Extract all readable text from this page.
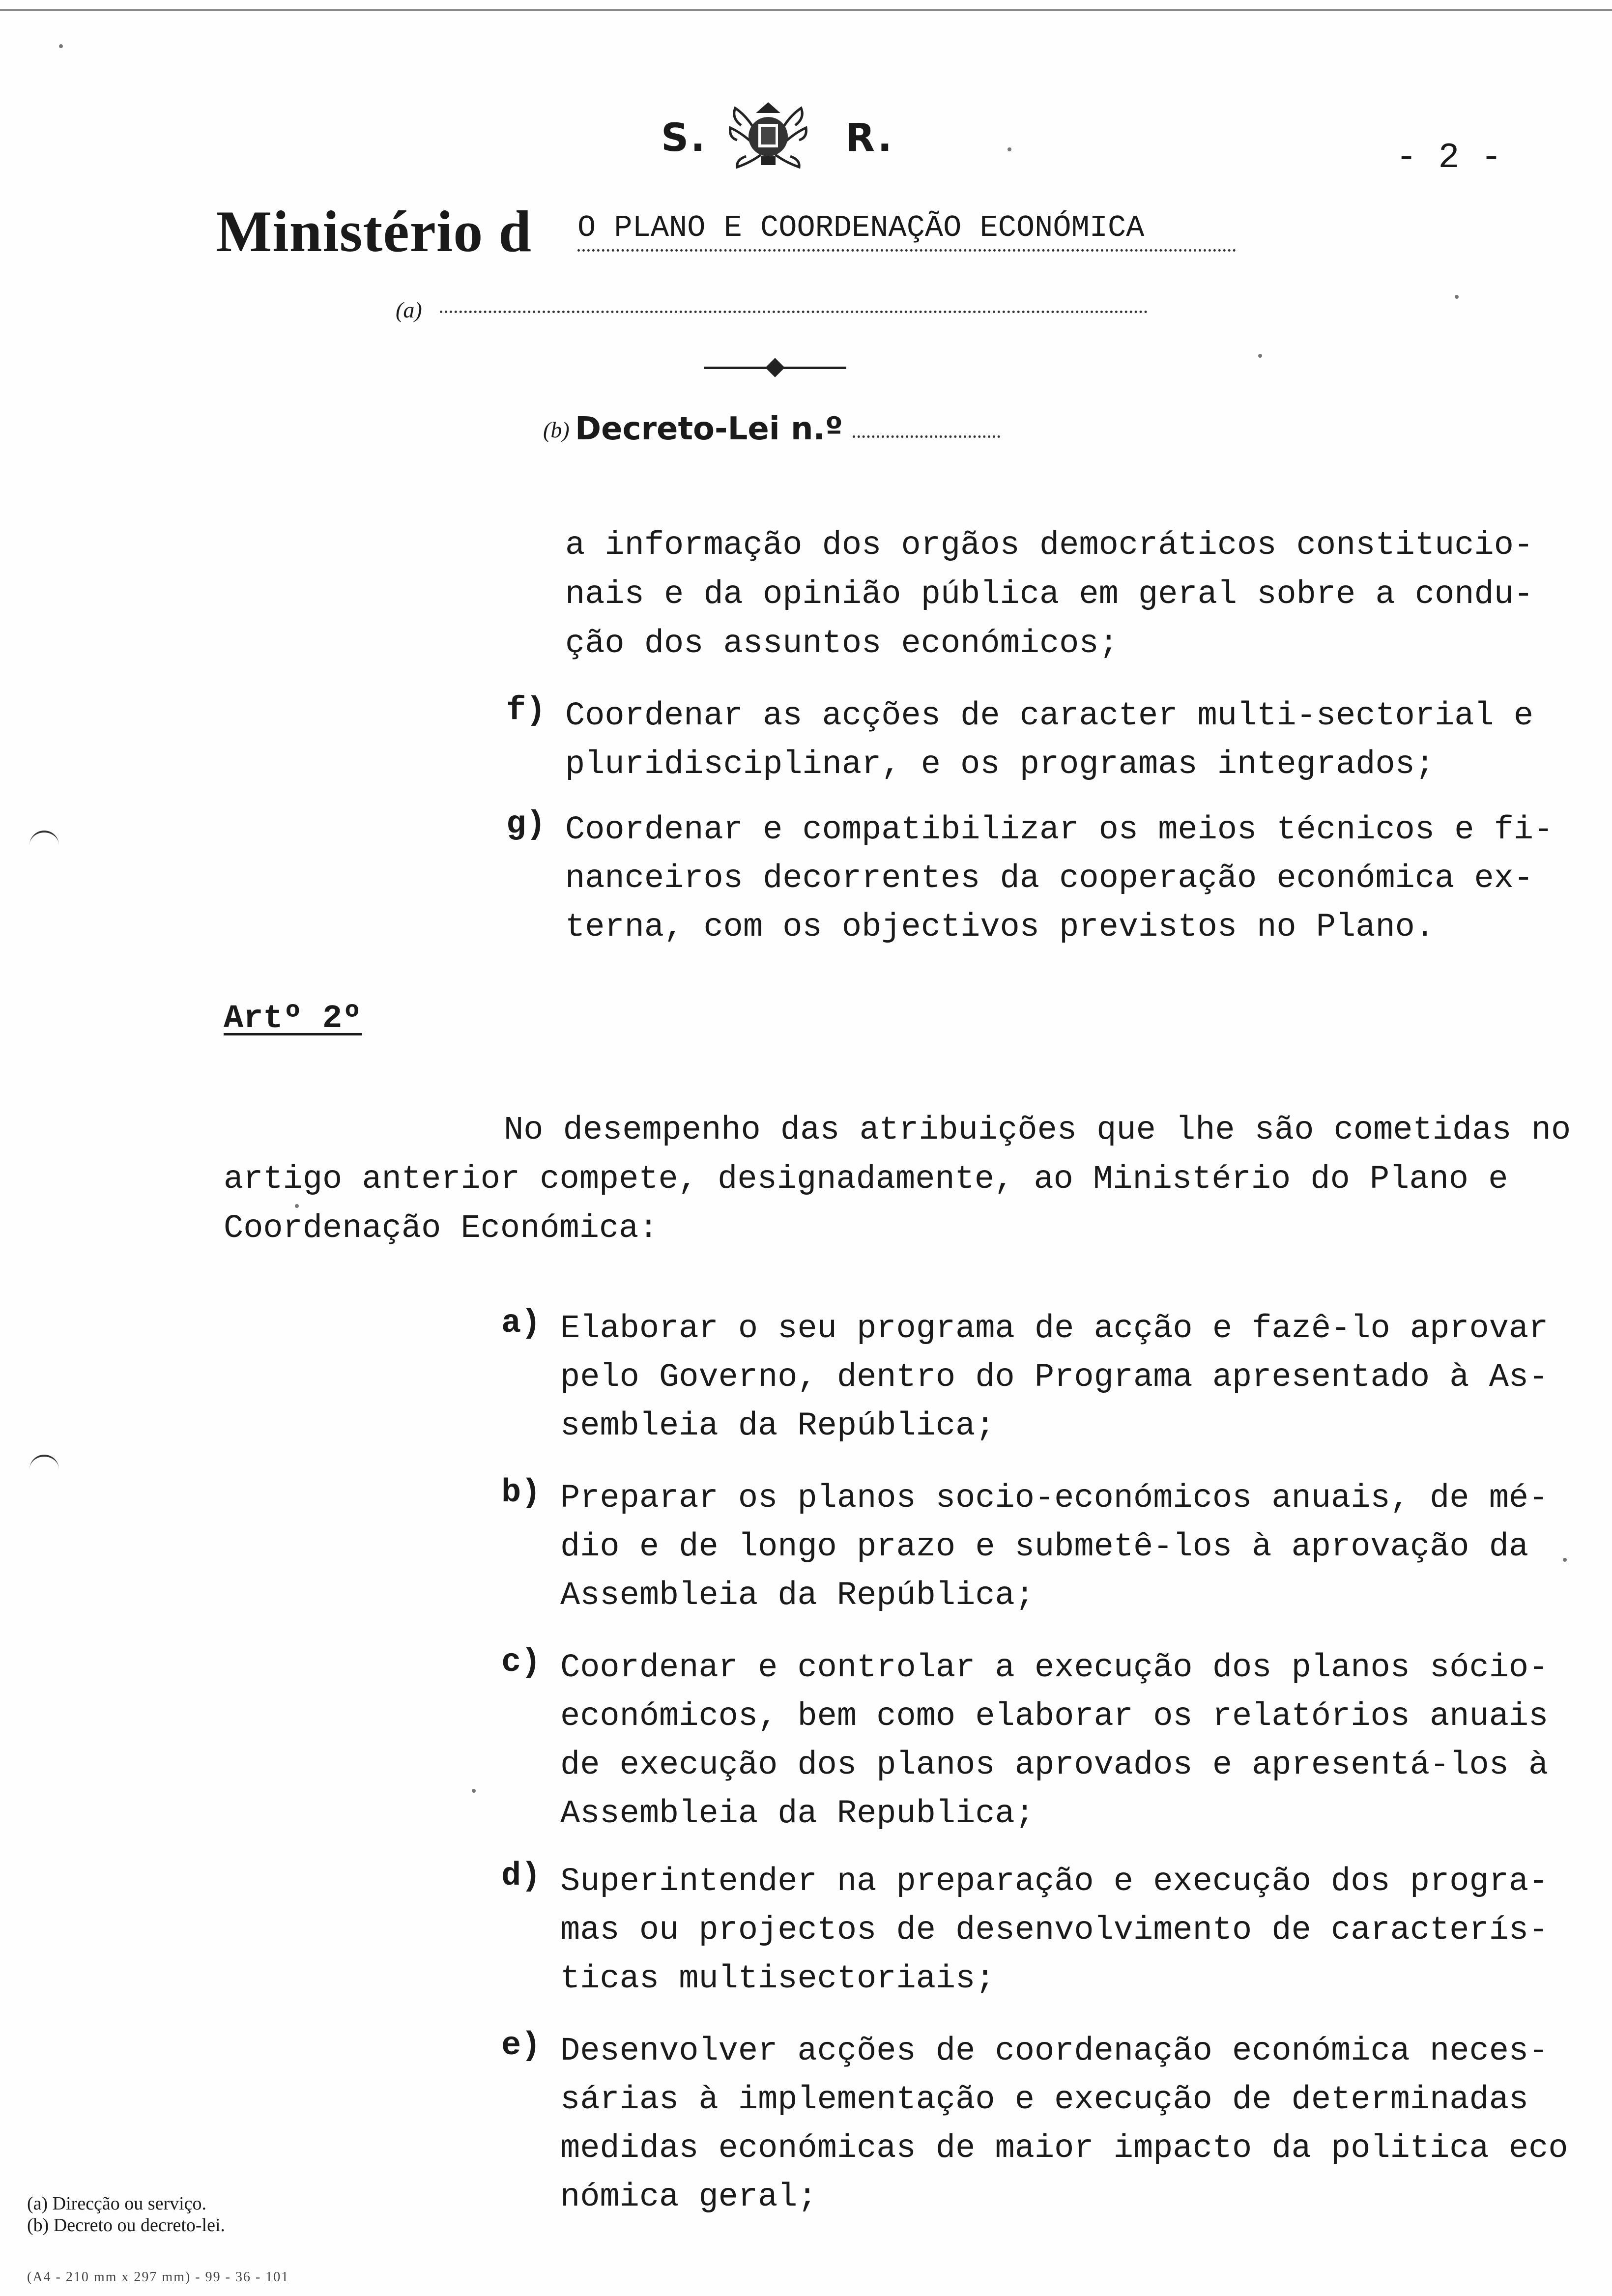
S.	R.	- 2 -
Ministério d O PLANO E COORDENAÇÃO ECONÓMICA
(a)
(b) Decreto-Lei n.º
a informação dos orgãos democráticos constitucio-
nais e da opinião pública em geral sobre a condu-
ção dos assuntos económicos;
f) Coordenar as acções de caracter multi-sectorial e
pluridisciplinar, e os programas integrados;
g) Coordenar e compatibilizar os meios técnicos e fi-
nanceiros decorrentes da cooperação económica ex-
terna, com os objectivos previstos no Plano.
Artº 2º
No desempenho das atribuições que lhe são cometidas no
artigo anterior compete, designadamente, ao Ministério do Plano e
Coordenação Económica:
a) Elaborar o seu programa de acção e fazê-lo aprovar
pelo Governo, dentro do Programa apresentado à As-
sembleia da República;
b) Preparar os planos socio-económicos anuais, de mé-
dio e de longo prazo e submetê-los à aprovação da
Assembleia da República;
c) Coordenar e controlar a execução dos planos sócio-
económicos, bem como elaborar os relatórios anuais
de execução dos planos aprovados e apresentá-los à
Assembleia da Republica;
d) Superintender na preparação e execução dos progra-
mas ou projectos de desenvolvimento de caracterís-
ticas multisectoriais;
e) Desenvolver acções de coordenação económica neces-
sárias à implementação e execução de determinadas
medidas económicas de maior impacto da politica eco
nómica geral;
(a) Direcção ou serviço.
(b) Decreto ou decreto-lei.
(A4 - 210 mm x 297 mm) - 99 - 36 - 101
